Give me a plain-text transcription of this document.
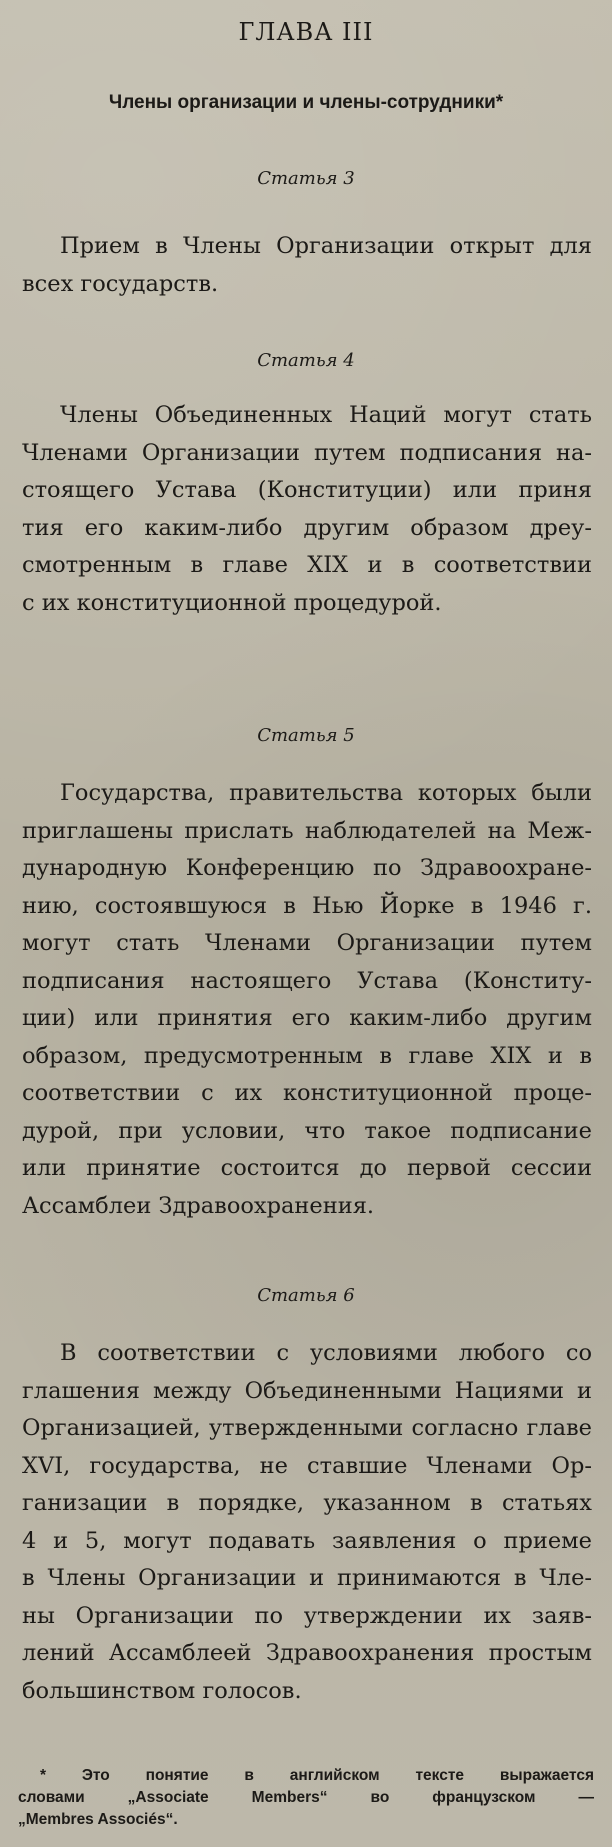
ГЛАВА III
Члены организации и члены-сотрудники*
Статья 3
Прием в Члены Организации открыт для
всех государств.
Статья 4
Члены Объединенных Наций могут стать
Членами Организации путем подписания на-
стоящего Устава (Конституции) или приня
тия его каким-либо другим образом дреу-
смотренным в главе XIX и в соответствии
с их конституционной процедурой.
Статья 5
Государства, правительства которых были
приглашены прислать наблюдателей на Меж-
дународную Конференцию по Здравоохране-
нию, состоявшуюся в Нью Йорке в 1946 г.
могут стать Членами Организации путем
подписания настоящего Устава (Конститу-
ции) или принятия его каким-либо другим
образом, предусмотренным в главе XIX и в
соответствии с их конституционной проце-
дурой, при условии, что такое подписание
или принятие состоится до первой сессии
Ассамблеи Здравоохранения.
Статья 6
В соответствии с условиями любого со
глашения между Объединенными Нациями и
Организацией, утвержденными согласно главе
XVI, государства, не ставшие Членами Ор-
ганизации в порядке, указанном в статьях
4 и 5, могут подавать заявления о приеме
в Члены Организации и принимаются в Чле-
ны Организации по утверждении их заяв-
лений Ассамблеей Здравоохранения простым
большинством голосов.
* Это понятие в английском тексте выражается
словами „Associate Members“ во французском —
„Membres Associés“.
